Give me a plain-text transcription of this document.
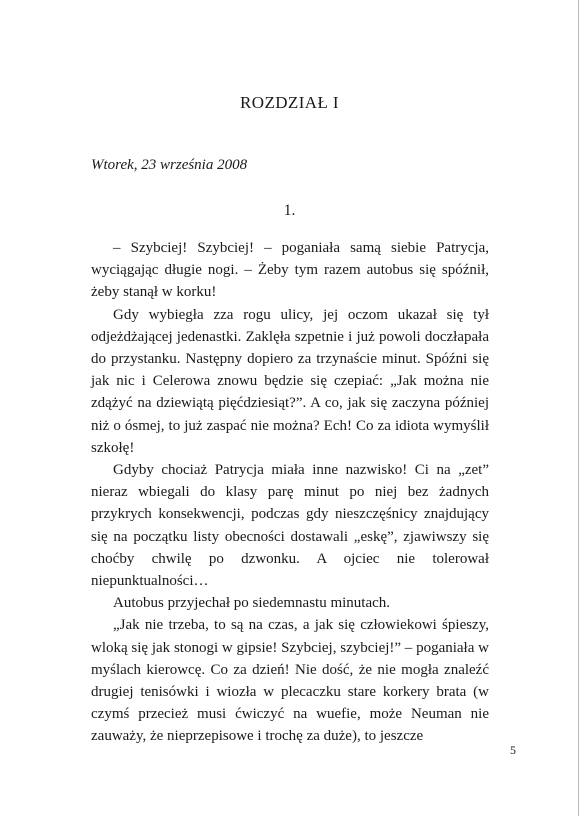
ROZDZIAŁ I
Wtorek, 23 września 2008
1.

– Szybciej! Szybciej! – poganiała samą siebie Patrycja, wyciągając długie nogi. – Żeby tym razem autobus się spóźnił, żeby stanął w korku!

Gdy wybiegła zza rogu ulicy, jej oczom ukazał się tył odjeżdżającej jedenastki. Zaklęła szpetnie i już powoli doczłapała do przystanku. Następny dopiero za trzynaście minut. Spóźni się jak nic i Celerowa znowu będzie się czepiać: „Jak można nie zdążyć na dziewiątą pięćdziesiąt?”. A co, jak się zaczyna później niż o ósmej, to już zaspać nie można? Ech! Co za idiota wymyślił szkołę!

Gdyby chociaż Patrycja miała inne nazwisko! Ci na „zet” nieraz wbiegali do klasy parę minut po niej bez żadnych przykrych konsekwencji, podczas gdy nieszczęśnicy znajdujący się na początku listy obecności dostawali „eskę”, zjawiwszy się choćby chwilę po dzwonku. A ojciec nie tolerował niepunktualności…

Autobus przyjechał po siedemnastu minutach.

„Jak nie trzeba, to są na czas, a jak się człowiekowi śpieszy, wloką się jak stonogi w gipsie! Szybciej, szybciej!” – poganiała w myślach kierowcę. Co za dzień! Nie dość, że nie mogła znaleźć drugiej tenisówki i wiozła w plecaczku stare korkery brata (w czymś przecież musi ćwiczyć na wuefie, może Neuman nie zauważy, że nieprzepisowe i trochę za duże), to jeszcze

5
